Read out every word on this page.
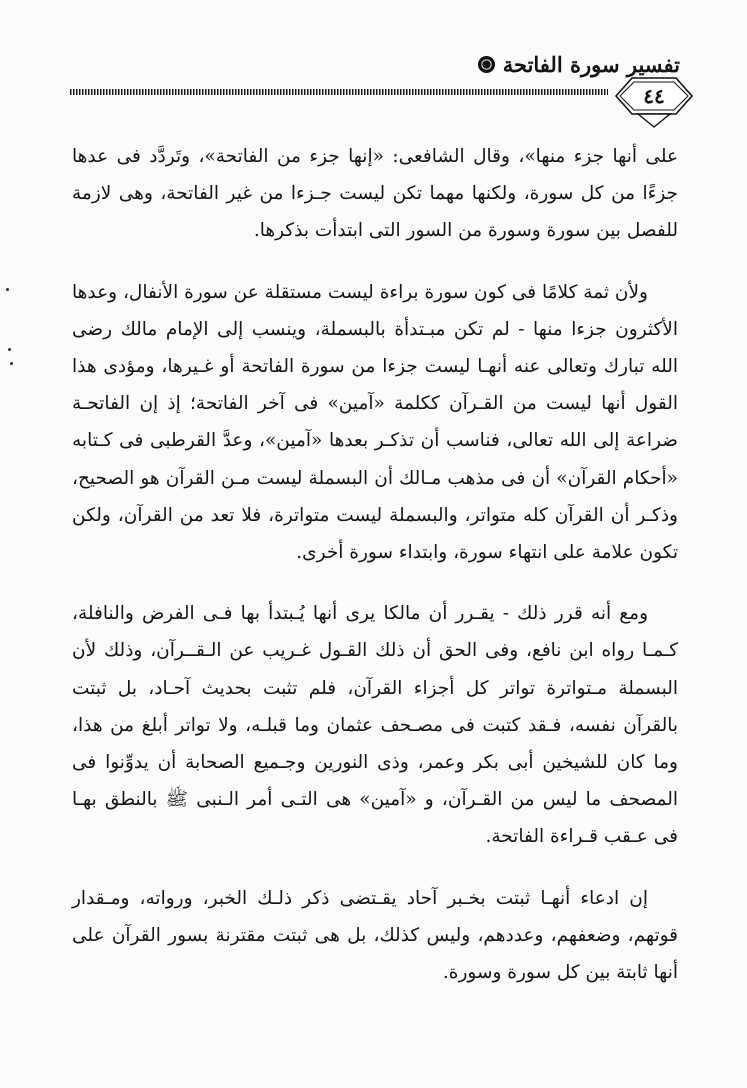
تفسير سورة الفاتحة
٤٤

على أنها جزء منها»، وقال الشافعى: «إنها جزء من الفاتحة»، وتَردَّد فى عدها جزءًا من كل سورة، ولكنها مهما تكن ليست جـزءا من غير الفاتحة، وهى لازمة للفصل بين سورة وسورة من السور التى ابتدأت بذكرها.

ولأن ثمة كلامًا فى كون سورة براءة ليست مستقلة عن سورة الأنفال، وعدها الأكثرون جزءا منها - لم تكن مبـتدأة بالبسملة، وينسب إلى الإمام مالك رضى الله تبارك وتعالى عنه أنهـا ليست جزءا من سورة الفاتحة أو غـيرها، ومؤدى هذا القول أنها ليست من القـرآن ككلمة «آمين» فى آخر الفاتحة؛ إذ إن الفاتحـة ضراعة إلى الله تعالى، فناسب أن تذكـر بعدها «آمين»، وعدَّ القرطبى فى كـتابه «أحكام القرآن» أن فى مذهب مـالك أن البسملة ليست مـن القرآن هو الصحيح، وذكـر أن القرآن كله متواتر، والبسملة ليست متواترة، فلا تعد من القرآن، ولكن تكون علامة على انتهاء سورة، وابتداء سورة أخرى.

ومع أنه قرر ذلك - يقـرر أن مالكا يرى أنها يُـبتدأ بها فـى الفرض والنافلة، كـمـا رواه ابن نافع، وفى الحق أن ذلك القـول غـريب عن الـقــرآن، وذلك لأن البسملة مـتواترة تواتر كل أجزاء القرآن، فلم تثبت بحديث آحـاد، بل ثبتت بالقرآن نفسه، فـقد كتبت فى مصـحف عثمان وما قبلـه، ولا تواتر أبلغ من هذا، وما كان للشيخين أبى بكر وعمر، وذى النورين وجـميع الصحابة أن يدوِّنوا فى المصحف ما ليس من القـرآن، و «آمين» هى التـى أمر الـنبى ﷺ بالنطق بهـا فى عـقب قـراءة الفاتحة.

إن ادعاء أنهـا ثبتت بخـبر آحاد يقـتضى ذكر ذلـك الخبر، ورواته، ومـقدار قوتهم، وضعفهم، وعددهم، وليس كذلك، بل هى ثبتت مقترنة بسور القرآن على أنها ثابتة بين كل سورة وسورة.
